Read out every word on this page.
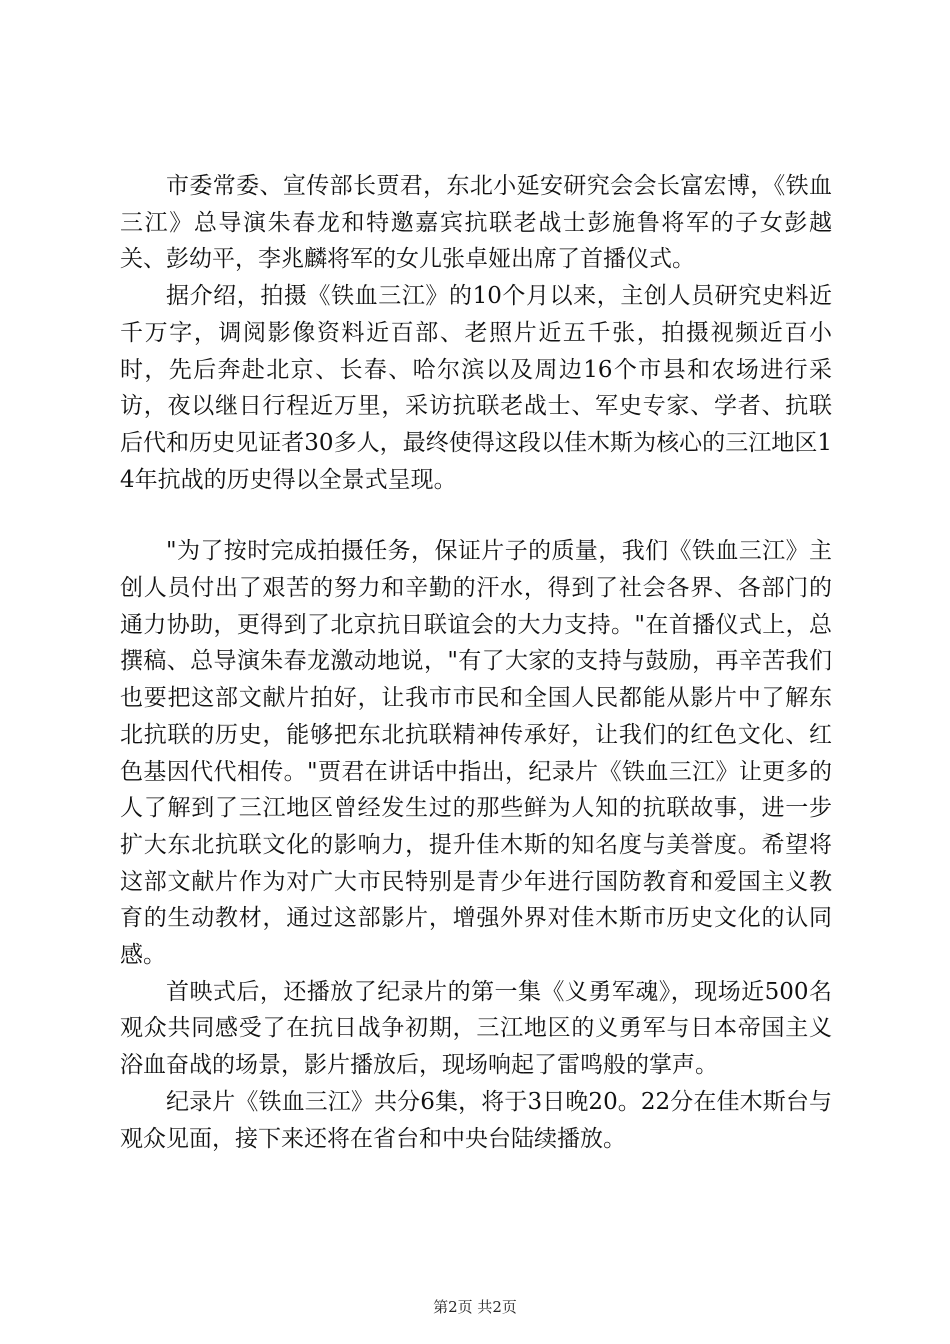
市委常委、宣传部长贾君，东北小延安研究会会长富宏博，《铁血三江》总导演朱春龙和特邀嘉宾抗联老战士彭施鲁将军的子女彭越关、彭幼平，李兆麟将军的女儿张卓娅出席了首播仪式。

据介绍，拍摄《铁血三江》的10个月以来，主创人员研究史料近千万字，调阅影像资料近百部、老照片近五千张，拍摄视频近百小时，先后奔赴北京、长春、哈尔滨以及周边16个市县和农场进行采访，夜以继日行程近万里，采访抗联老战士、军史专家、学者、抗联后代和历史见证者30多人，最终使得这段以佳木斯为核心的三江地区14年抗战的历史得以全景式呈现。

"为了按时完成拍摄任务，保证片子的质量，我们《铁血三江》主创人员付出了艰苦的努力和辛勤的汗水，得到了社会各界、各部门的通力协助，更得到了北京抗日联谊会的大力支持。"在首播仪式上，总撰稿、总导演朱春龙激动地说，"有了大家的支持与鼓励，再辛苦我们也要把这部文献片拍好，让我市市民和全国人民都能从影片中了解东北抗联的历史，能够把东北抗联精神传承好，让我们的红色文化、红色基因代代相传。"贾君在讲话中指出，纪录片《铁血三江》让更多的人了解到了三江地区曾经发生过的那些鲜为人知的抗联故事，进一步扩大东北抗联文化的影响力，提升佳木斯的知名度与美誉度。希望将这部文献片作为对广大市民特别是青少年进行国防教育和爱国主义教育的生动教材，通过这部影片，增强外界对佳木斯市历史文化的认同感。

首映式后，还播放了纪录片的第一集《义勇军魂》，现场近500名观众共同感受了在抗日战争初期，三江地区的义勇军与日本帝国主义浴血奋战的场景，影片播放后，现场响起了雷鸣般的掌声。

纪录片《铁血三江》共分6集，将于3日晚20。22分在佳木斯台与观众见面，接下来还将在省台和中央台陆续播放。

第2页 共2页
